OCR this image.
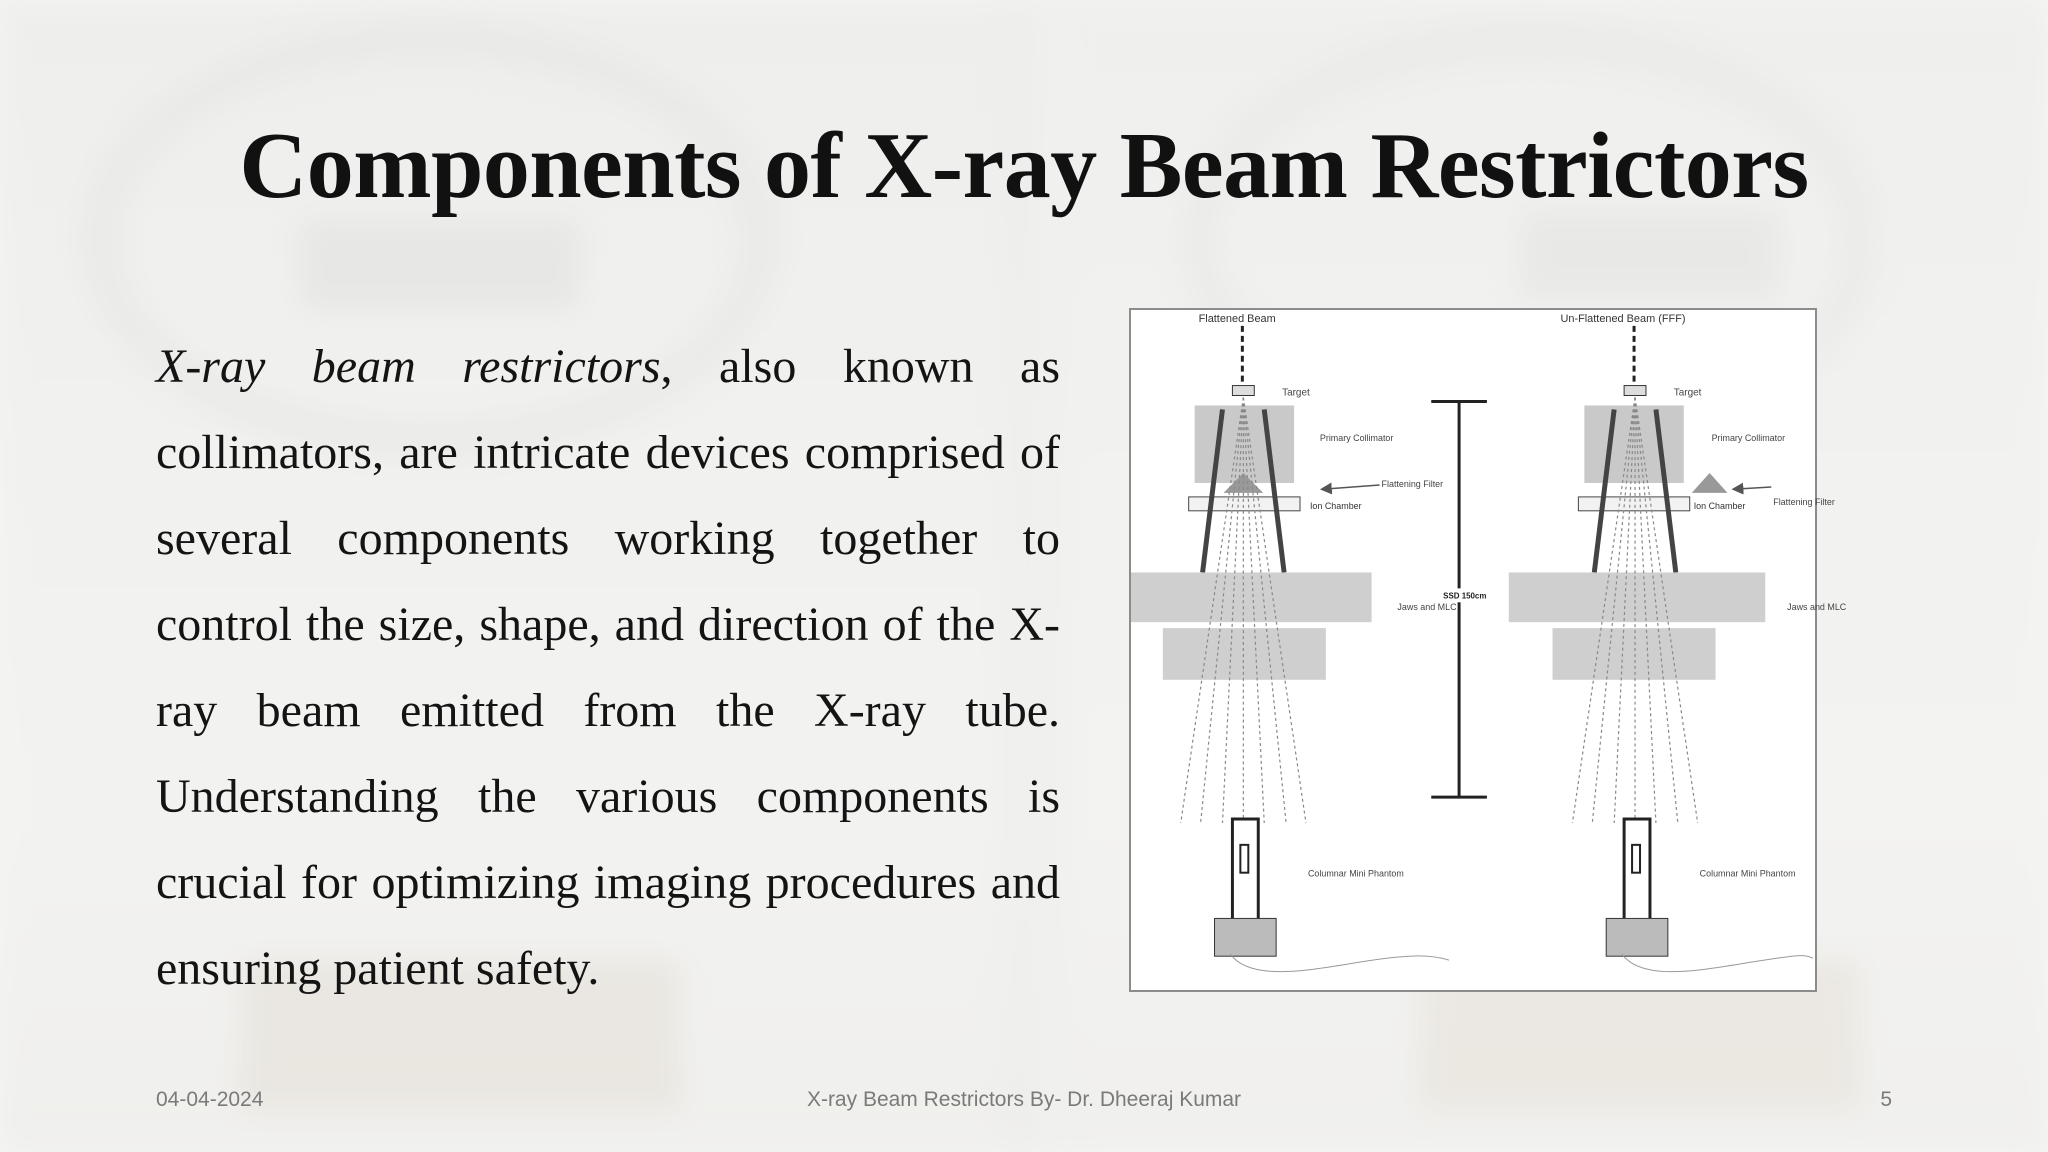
Components of X-ray Beam Restrictors

X-ray beam restrictors, also known as collimators, are intricate devices comprised of several components working together to control the size, shape, and direction of the X-ray beam emitted from the X-ray tube. Understanding the various components is crucial for optimizing imaging procedures and ensuring patient safety.

Flattened Beam
Target
Primary Collimator
Ion Chamber
Flattening Filter
Jaws and MLC
Columnar Mini Phantom
SSD 150cm
Un-Flattened Beam (FFF)
Target
Primary Collimator
Ion Chamber	Flattening Filter
Jaws and MLC
Columnar Mini Phantom
04-04-2024	X-ray Beam Restrictors By- Dr. Dheeraj Kumar	5
